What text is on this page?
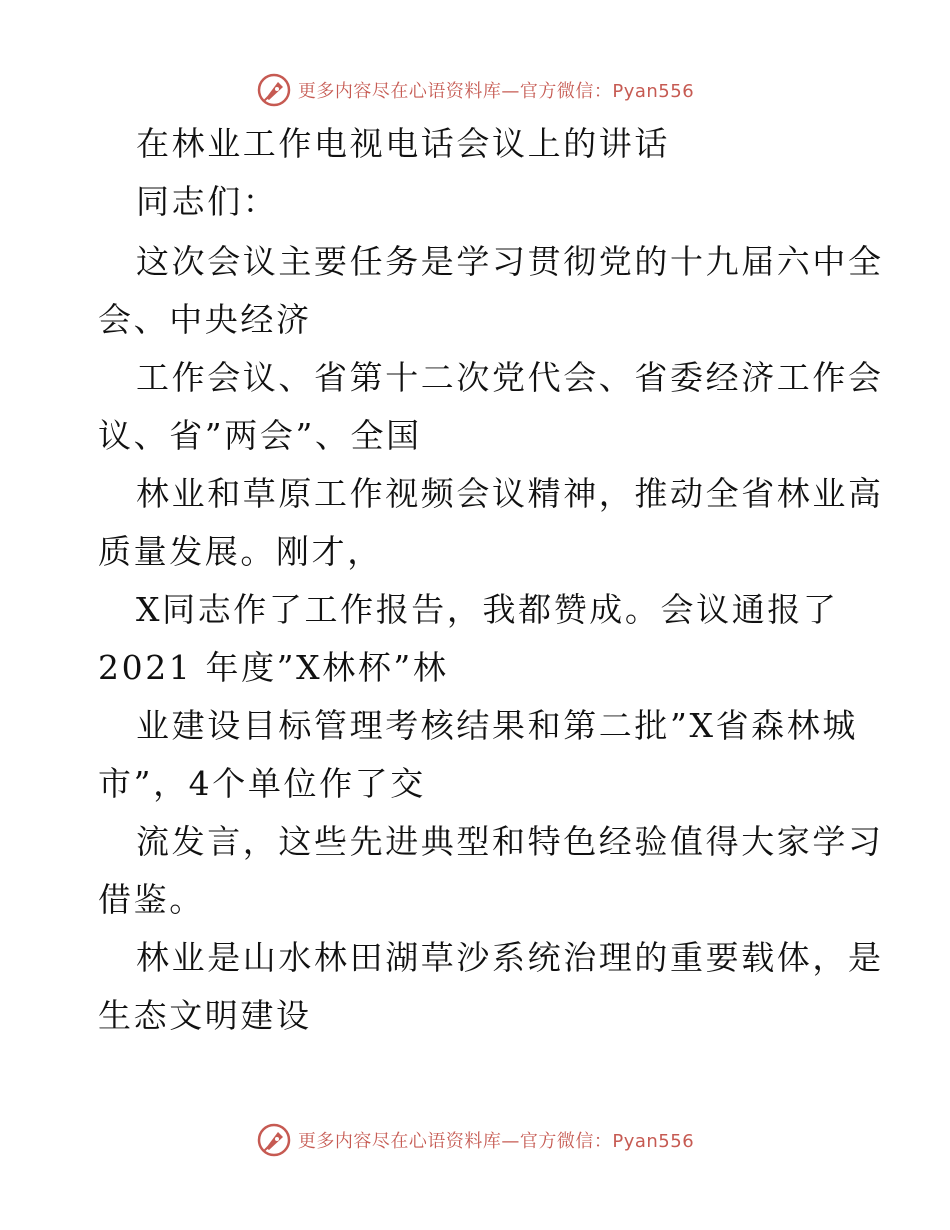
更多内容尽在心语资料库—官方微信：Pyan556
在林业工作电视电话会议上的讲话
同志们：
这次会议主要任务是学习贯彻党的十九届六中全
会、中央经济
工作会议、省第十二次党代会、省委经济工作会
议、省”两会”、全国
林业和草原工作视频会议精神，推动全省林业高
质量发展。刚才，
X同志作了工作报告，我都赞成。会议通报了
2021 年度”X林杯”林
业建设目标管理考核结果和第二批”X省森林城
市”，4个单位作了交
流发言，这些先进典型和特色经验值得大家学习
借鉴。
林业是山水林田湖草沙系统治理的重要载体，是
生态文明建设
更多内容尽在心语资料库—官方微信：Pyan556
